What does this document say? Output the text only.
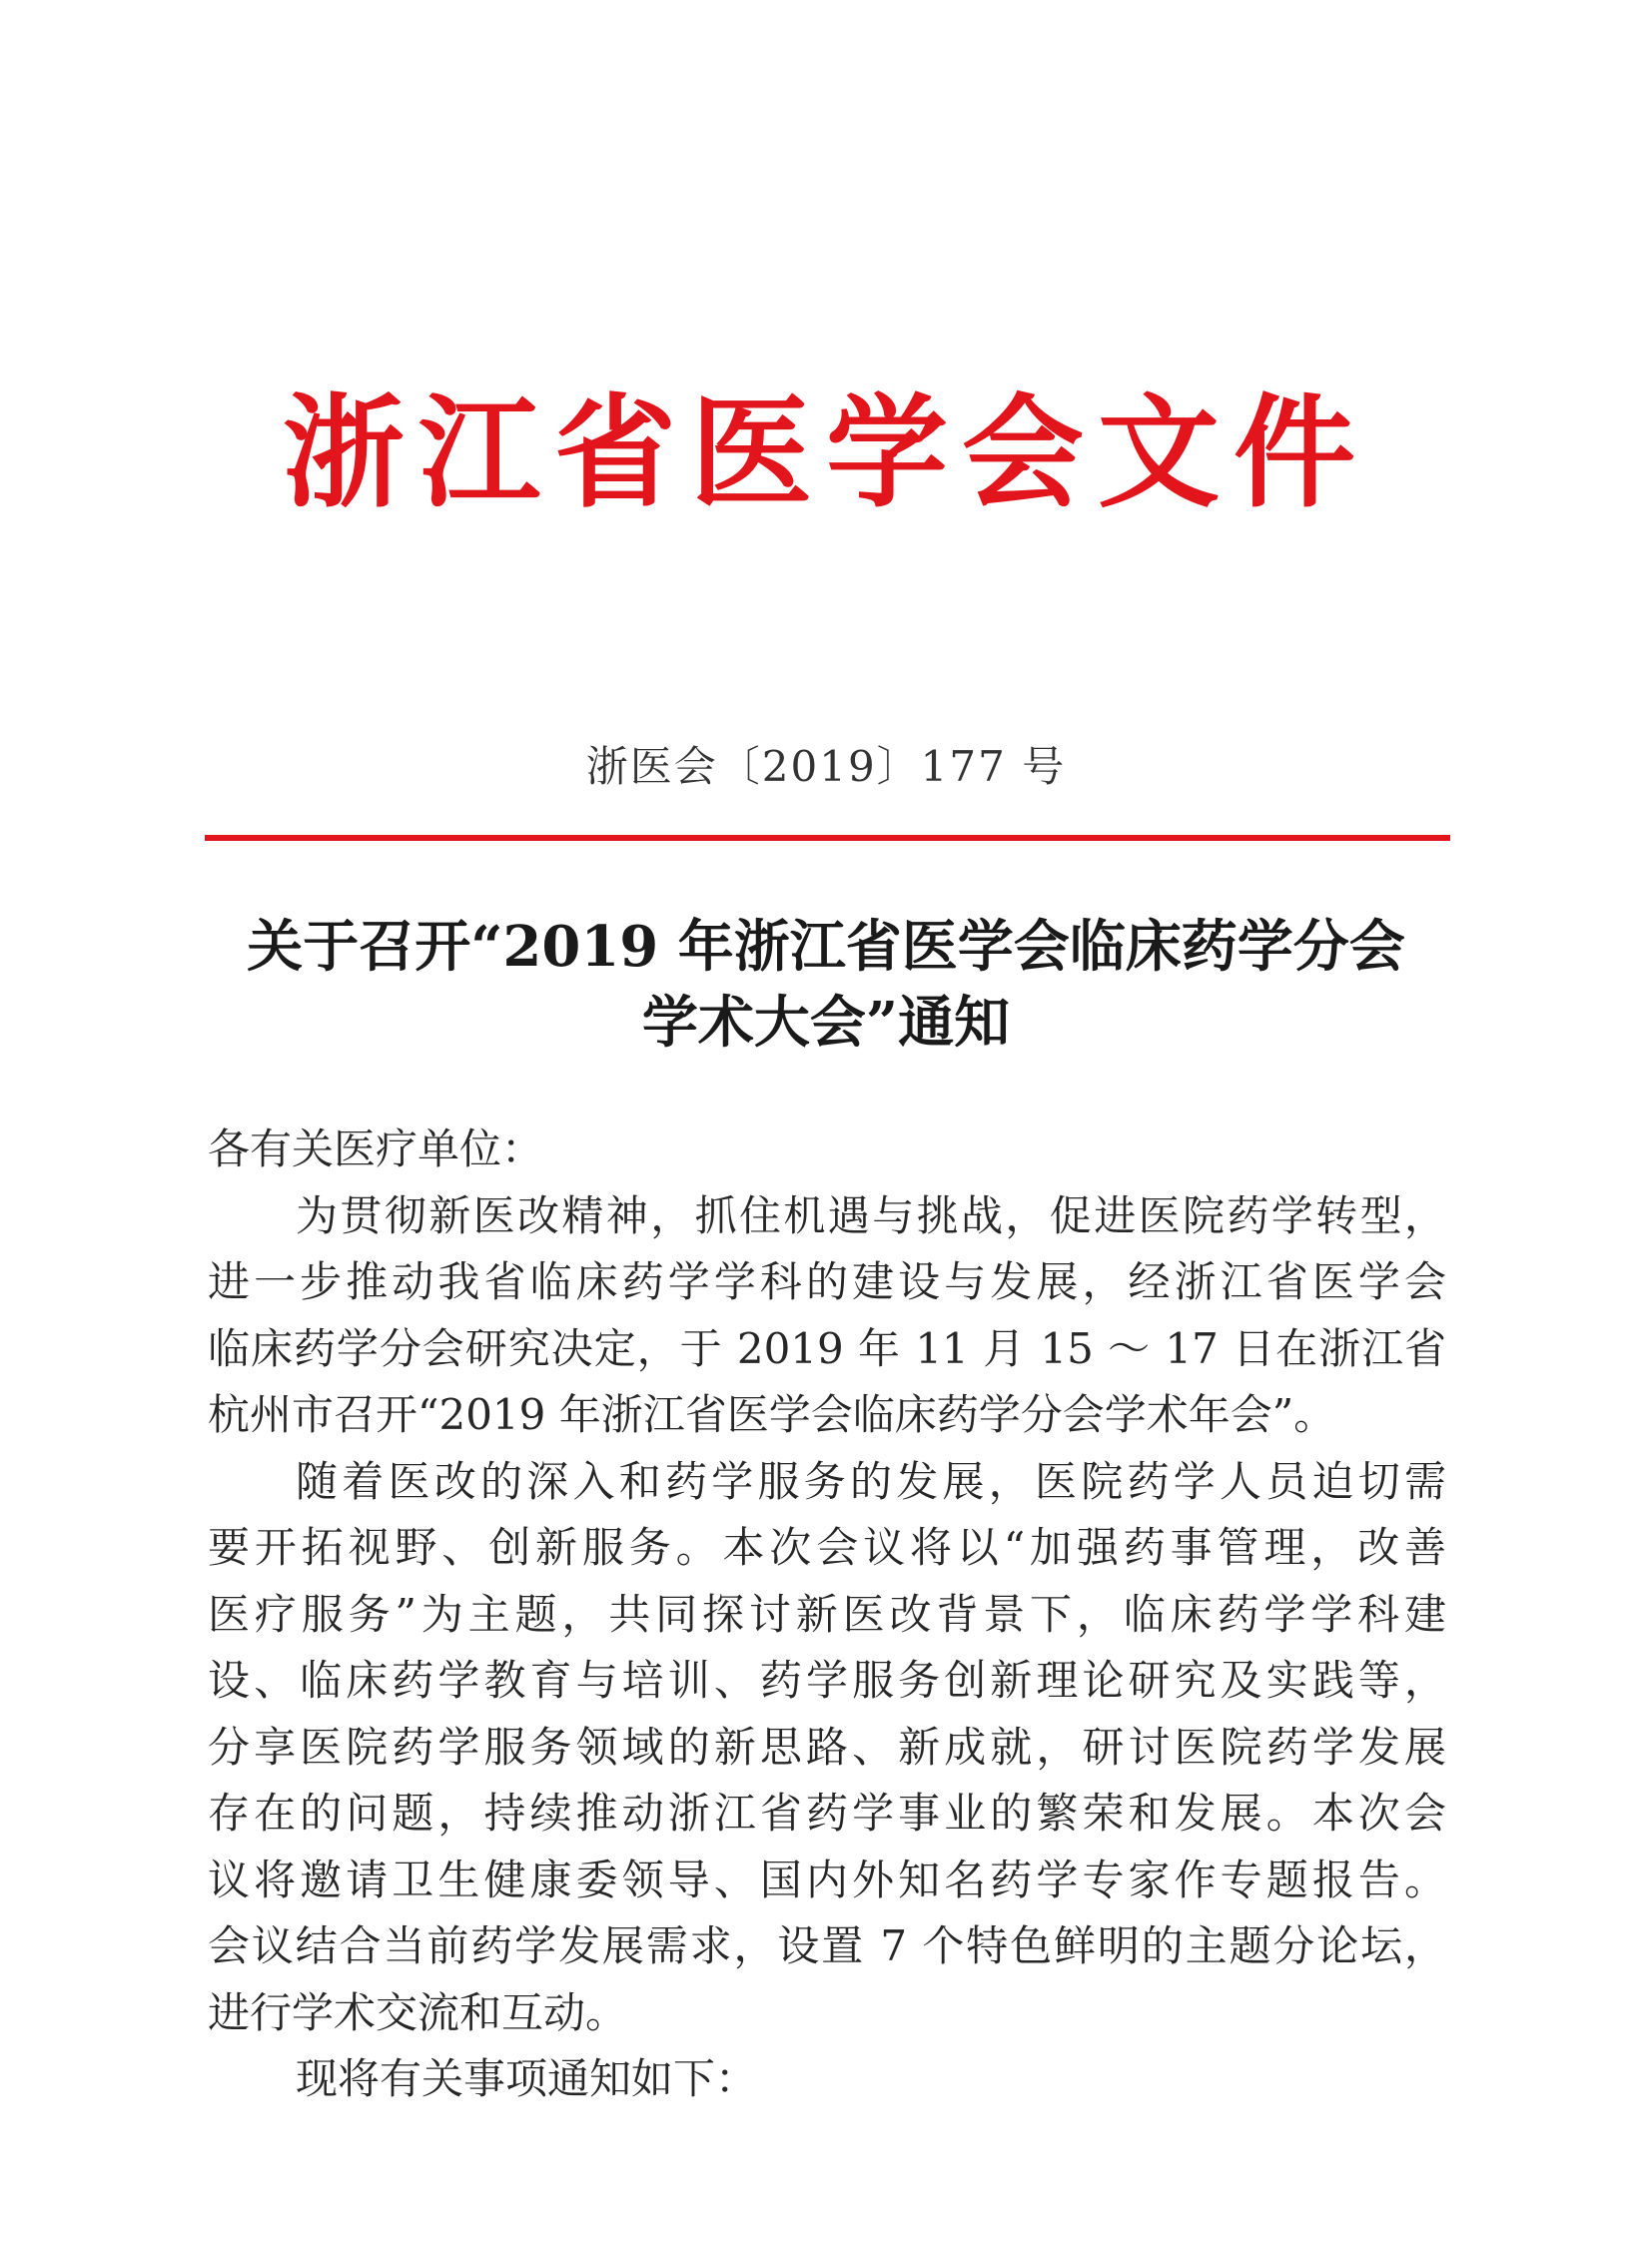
浙江省医学会文件
浙医会〔2019〕177 号
关于召开“2019 年浙江省医学会临床药学分会
学术大会”通知

各有关医疗单位：

为贯彻新医改精神，抓住机遇与挑战，促进医院药学转型，
进一步推动我省临床药学学科的建设与发展，经浙江省医学会
临床药学分会研究决定，于 2019 年 11 月 15 ～ 17 日在浙江省
杭州市召开“2019 年浙江省医学会临床药学分会学术年会”。

随着医改的深入和药学服务的发展，医院药学人员迫切需
要开拓视野、创新服务。本次会议将以“加强药事管理，改善
医疗服务”为主题，共同探讨新医改背景下，临床药学学科建
设、临床药学教育与培训、药学服务创新理论研究及实践等，
分享医院药学服务领域的新思路、新成就，研讨医院药学发展
存在的问题，持续推动浙江省药学事业的繁荣和发展。本次会
议将邀请卫生健康委领导、国内外知名药学专家作专题报告。
会议结合当前药学发展需求，设置 7 个特色鲜明的主题分论坛，
进行学术交流和互动。

现将有关事项通知如下：
